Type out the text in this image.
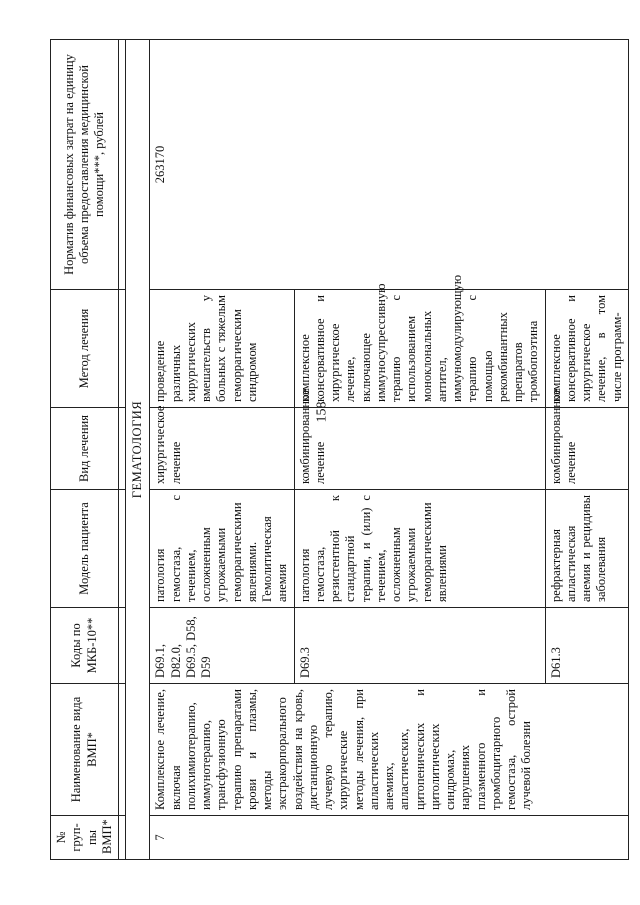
158
№ груп-пы ВМП*	Наименование вида ВМП*	Коды по МКБ-10**	Модель пациента	Вид лечения	Метод лечения	Норматив финансовых затрат на единицу объема предоставления медицинской помощи***, рублей

ГЕМАТОЛОГИЯ						
7	Комплексное лечение, включая полихимиотерапию, иммунотерапию, трансфузионную терапию препаратами крови и плазмы, методы экстракорпорального воздействия на кровь, дистанционную лучевую терапию, хирургические методы лечения, при апластических анемиях, апластических, цитопенических и цитолитических синдромах, нарушениях плазменного и тромбоцитарного гемостаза, острой лучевой болезни	D69.1, D82.0, D69.5, D58, D59	патология гемостаза, с течением, осложненным угрожаемыми геморрагическими явлениями. Гемолитическая анемия	хирургическое лечение	проведение различных хирургических вмешательств у больных с тяжелым геморрагическим синдромом	263170
		D69.3	патология гемостаза, резистентной к стандартной терапии, и (или) с течением, осложненным угрожаемыми геморрагическими явлениями	комбинированное лечение	комплексное консервативное и хирургическое лечение, включающее иммуносупрессивную терапию с использованием моноклональных антител, иммуномодулирующую терапию с помощью рекомбинантных препаратов тромбопоэтина	
		D61.3	рефрактерная апластическая анемия и рецидивы заболевания	комбинированное лечение	комплексное консервативное и хирургическое лечение, в том числе программ-	
